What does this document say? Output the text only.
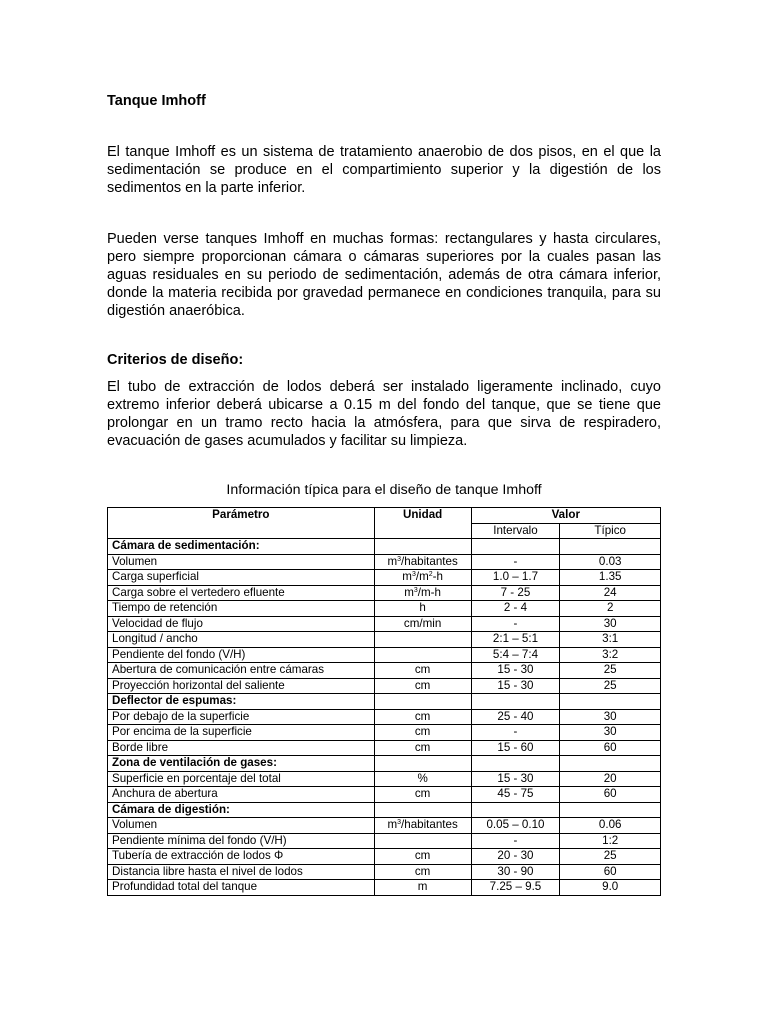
Tanque Imhoff

El tanque Imhoff es un sistema de tratamiento anaerobio de dos pisos, en el que la sedimentación se produce en el compartimiento superior y la digestión de los sedimentos en la parte inferior.

Pueden verse tanques Imhoff en muchas formas: rectangulares y hasta circulares, pero siempre proporcionan cámara o cámaras superiores por la cuales pasan las aguas residuales en su periodo de sedimentación, además de otra cámara inferior, donde la materia recibida por gravedad permanece en condiciones tranquila, para su digestión anaeróbica.

Criterios de diseño:

El tubo de extracción de lodos deberá ser instalado ligeramente inclinado, cuyo extremo inferior deberá ubicarse a 0.15 m del fondo del tanque, que se tiene que prolongar en un tramo recto hacia la atmósfera, para que sirva de respiradero, evacuación de gases acumulados y facilitar su limpieza.

Información típica para el diseño de tanque Imhoff
Parámetro	Unidad	Valor	
		Intervalo	Típico
Cámara de sedimentación:			
Volumen	$m^3$/habitantes	-	0.03
Carga superficial	$m^3/m^2-h$	1.0 – 1.7	1.35
Carga sobre el vertedero efluente	$m^3/m-h$	7 - 25	24
Tiempo de retención	h	2 - 4	2
Velocidad de flujo	cm/min	-	30
Longitud / ancho		2:1 – 5:1	3:1
Pendiente del fondo (V/H)		5:4 – 7:4	3:2
Abertura de comunicación entre cámaras	cm	15 - 30	25
Proyección horizontal del saliente	cm	15 - 30	25
Deflector de espumas:			
Por debajo de la superficie	cm	25 - 40	30
Por encima de la superficie	cm	-	30
Borde libre	cm	15 - 60	60
Zona de ventilación de gases:			
Superficie en porcentaje del total	%	15 - 30	20
Anchura de abertura	cm	45 - 75	60
Cámara de digestión:			
Volumen	$m^3$/habitantes	0.05 – 0.10	0.06
Pendiente mínima del fondo (V/H)		-	1:2
Tubería de extracción de lodos Φ	cm	20 - 30	25
Distancia libre hasta el nivel de lodos	cm	30 - 90	60
Profundidad total del tanque	m	7.25 – 9.5	9.0
